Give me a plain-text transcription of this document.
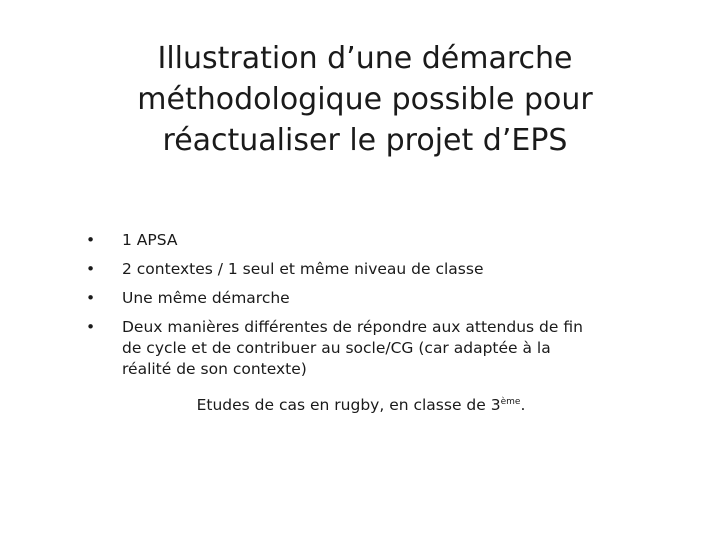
Illustration d’une démarche
méthodologique possible pour
réactualiser le projet d’EPS
• 1 APSA
• 2 contextes / 1 seul et même niveau de classe
• Une même démarche
• Deux manières différentes de répondre aux attendus de fin
de cycle et de contribuer au socle/CG (car adaptée à la
réalité de son contexte)

Etudes de cas en rugby, en classe de 3ème.
